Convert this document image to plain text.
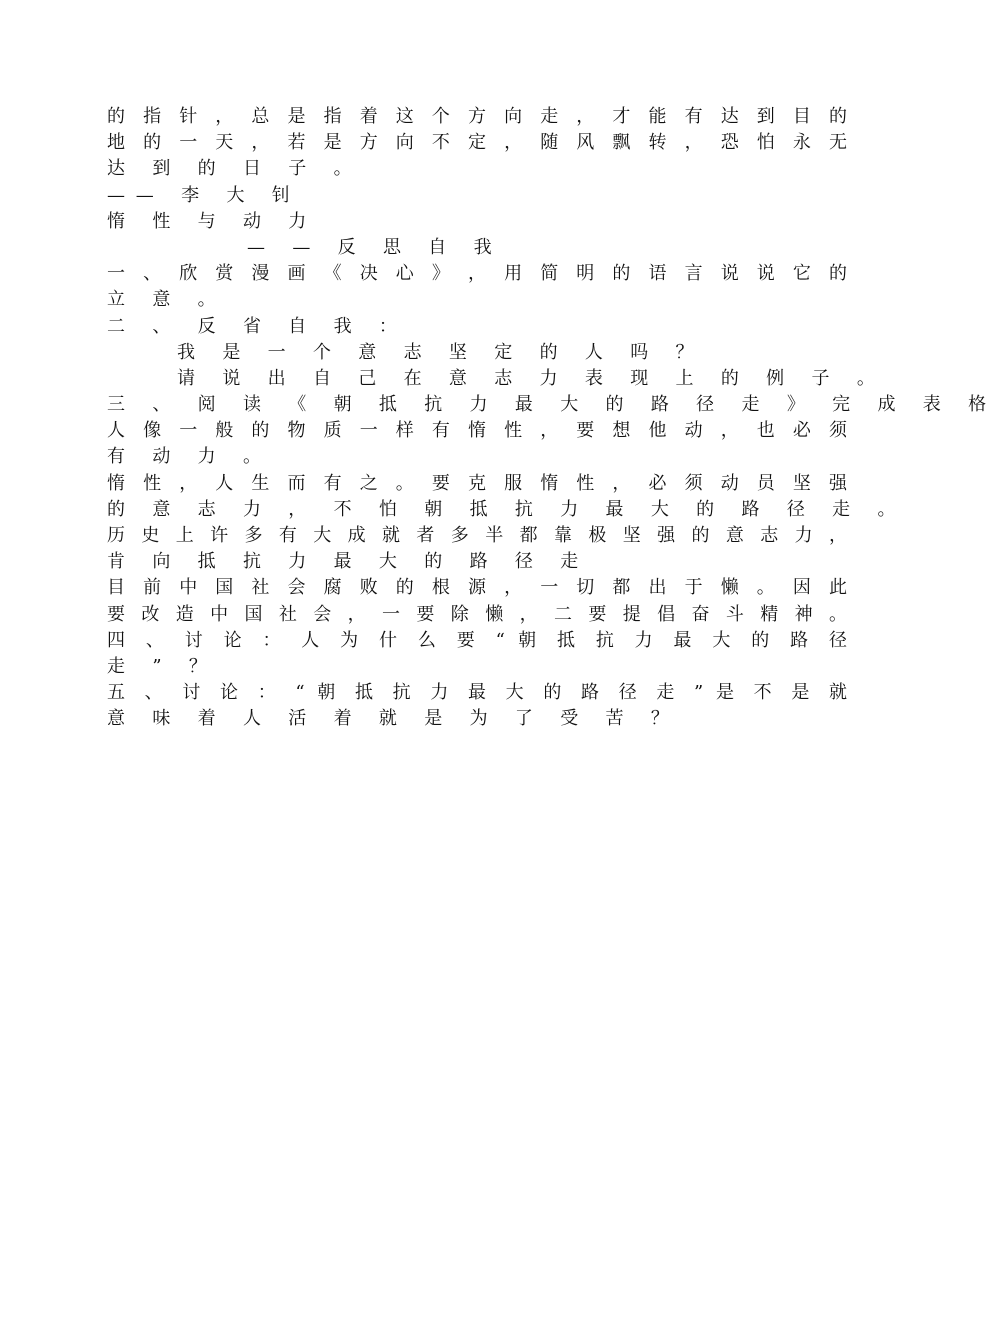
的 指 针 ， 总 是 指 着 这 个 方 向 走 ， 才 能 有 达 到 目 的
地 的 一 天 ， 若 是 方 向 不 定 ， 随 风 飘 转 ， 恐 怕 永 无
达 到 的 日 子 。
—— 李 大 钊
惰 性 与 动 力
— — 反 思 自 我
一 、 欣 赏 漫 画 《 决 心 》 ， 用 简 明 的 语 言 说 说 它 的
立 意 。
二 、 反 省 自 我 ：
我 是 一 个 意 志 坚 定 的 人 吗 ？
请 说 出 自 己 在 意 志 力 表 现 上 的 例 子 。
三 、 阅 读 《 朝 抵 抗 力 最 大 的 路 径 走 》 完 成 表 格
人 像 一 般 的 物 质 一 样 有 惰 性 ， 要 想 他 动 ， 也 必 须
有 动 力 。
惰 性 ， 人 生 而 有 之 。 要 克 服 惰 性 ， 必 须 动 员 坚 强
的 意 志 力 ， 不 怕 朝 抵 抗 力 最 大 的 路 径 走 。
历 史 上 许 多 有 大 成 就 者 多 半 都 靠 极 坚 强 的 意 志 力 ，
肯 向 抵 抗 力 最 大 的 路 径 走
目 前 中 国 社 会 腐 败 的 根 源 ， 一 切 都 出 于 懒 。 因 此
要 改 造 中 国 社 会 ， 一 要 除 懒 ， 二 要 提 倡 奋 斗 精 神 。
四 、 讨 论 ： 人 为 什 么 要 “ 朝 抵 抗 力 最 大 的 路 径
走 ” ？
五 、 讨 论 ： “ 朝 抵 抗 力 最 大 的 路 径 走 ” 是 不 是 就
意 味 着 人 活 着 就 是 为 了 受 苦 ？
